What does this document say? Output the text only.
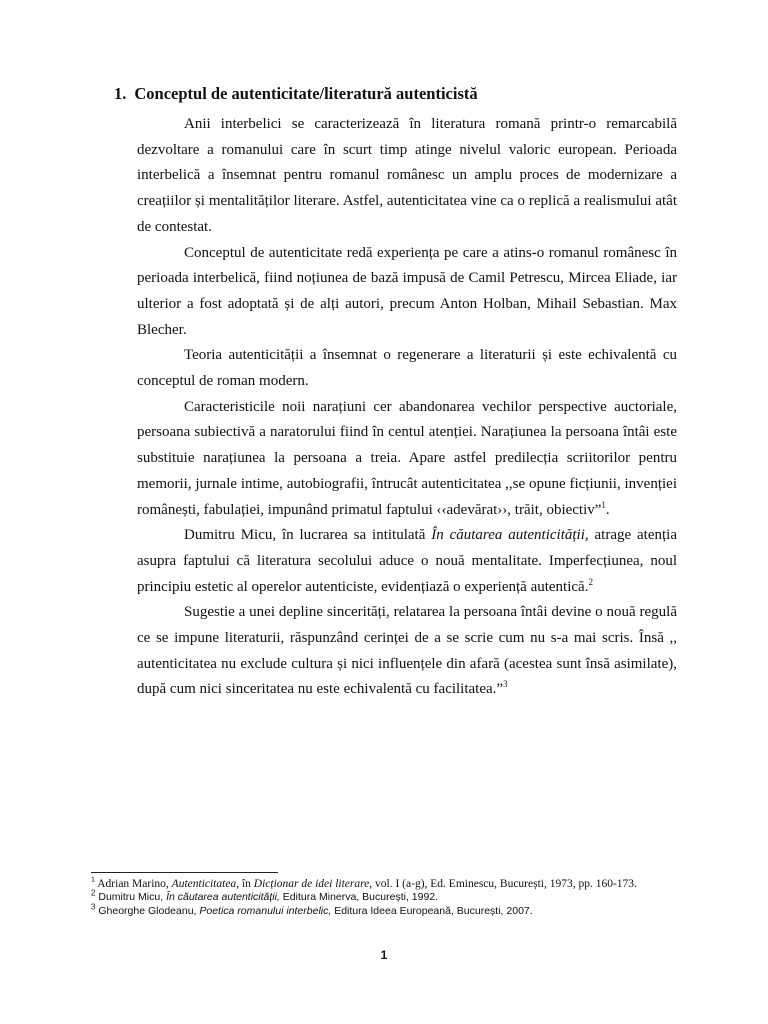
1. Conceptul de autenticitate/literatură autenticistă

Anii interbelici se caracterizează în literatura romană printr-o remarcabilă dezvoltare a romanului care în scurt timp atinge nivelul valoric european. Perioada interbelică a însemnat pentru romanul românesc un amplu proces de modernizare a creațiilor și mentalităților literare. Astfel, autenticitatea vine ca o replică a realismului atât de contestat.

Conceptul de autenticitate redă experiența pe care a atins-o romanul românesc în perioada interbelică, fiind noțiunea de bază impusă de Camil Petrescu, Mircea Eliade, iar ulterior a fost adoptată și de alți autori, precum Anton Holban, Mihail Sebastian. Max Blecher.

Teoria autenticității a însemnat o regenerare a literaturii și este echivalentă cu conceptul de roman modern.

Caracteristicile noii narațiuni cer abandonarea vechilor perspective auctoriale, persoana subiectivă a naratorului fiind în centul atenției. Narațiunea la persoana întâi este substituie narațiunea la persoana a treia. Apare astfel predilecția scriitorilor pentru memorii, jurnale intime, autobiografii, întrucât autenticitatea ,,se opune ficțiunii, invenției românești, fabulației, impunând primatul faptului ‹‹adevărat››, trăit, obiectiv”$^1$.

Dumitru Micu, în lucrarea sa intitulată În căutarea autenticității, atrage atenția asupra faptului că literatura secolului aduce o nouă mentalitate. Imperfecțiunea, noul principiu estetic al operelor autenticiste, evidențiază o experiență autentică.$^2$

Sugestie a unei depline sincerități, relatarea la persoana întâi devine o nouă regulă ce se impune literaturii, răspunzând cerinței de a se scrie cum nu s-a mai scris. Însă ,, autenticitatea nu exclude cultura și nici influențele din afară (acestea sunt însă asimilate), după cum nici sinceritatea nu este echivalentă cu facilitatea.”$^3$

$^1$ Adrian Marino, Autenticitatea, în Dicționar de idei literare, vol. I (a-g), Ed. Eminescu, București, 1973, pp. 160-173.

$^2$ Dumitru Micu, În căutarea autenticității, Editura Minerva, București, 1992.

$^3$ Gheorghe Glodeanu, Poetica romanului interbelic, Editura Ideea Europeană, București, 2007.

1
